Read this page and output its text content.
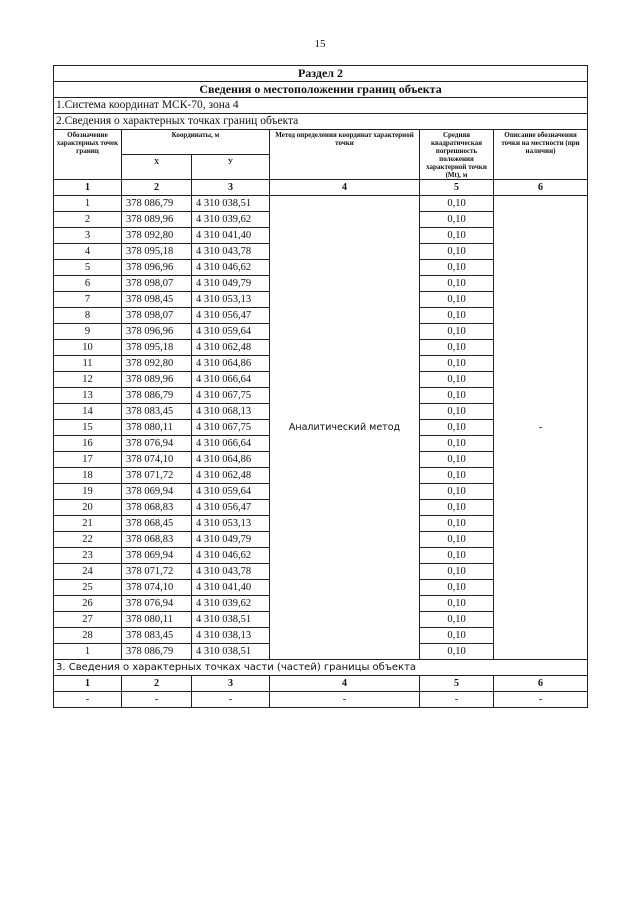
15
Раздел 2					
Сведения о местоположении границ объекта					
1.Система координат МСК-70, зона 4					
2.Сведения о характерных точках границ объекта					
Обозначение характерных точек границ	Координаты, м		Метод определения координат характерной точки	Средняя квадратическая погрешность положения характерной точки (Mt), м	Описание обозначения точки на местности (при наличии)
	X	У			
1	2	3	4	5	6
1	378 086,79	4 310 038,51	Аналитический метод	0,10	-
2	378 089,96	4 310 039,62		0,10	
3	378 092,80	4 310 041,40		0,10	
4	378 095,18	4 310 043,78		0,10	
5	378 096,96	4 310 046,62		0,10	
6	378 098,07	4 310 049,79		0,10	
7	378 098,45	4 310 053,13		0,10	
8	378 098,07	4 310 056,47		0,10	
9	378 096,96	4 310 059,64		0,10	
10	378 095,18	4 310 062,48		0,10	
11	378 092,80	4 310 064,86		0,10	
12	378 089,96	4 310 066,64		0,10	
13	378 086,79	4 310 067,75		0,10	
14	378 083,45	4 310 068,13		0,10	
15	378 080,11	4 310 067,75		0,10	
16	378 076,94	4 310 066,64		0,10	
17	378 074,10	4 310 064,86		0,10	
18	378 071,72	4 310 062,48		0,10	
19	378 069,94	4 310 059,64		0,10	
20	378 068,83	4 310 056,47		0,10	
21	378 068,45	4 310 053,13		0,10	
22	378 068,83	4 310 049,79		0,10	
23	378 069,94	4 310 046,62		0,10	
24	378 071,72	4 310 043,78		0,10	
25	378 074,10	4 310 041,40		0,10	
26	378 076,94	4 310 039,62		0,10	
27	378 080,11	4 310 038,51		0,10	
28	378 083,45	4 310 038,13		0,10	
1	378 086,79	4 310 038,51		0,10	
3. Сведения о характерных точках части (частей) границы объекта					
1	2	3	4	5	6
-	-	-	-	-	-
